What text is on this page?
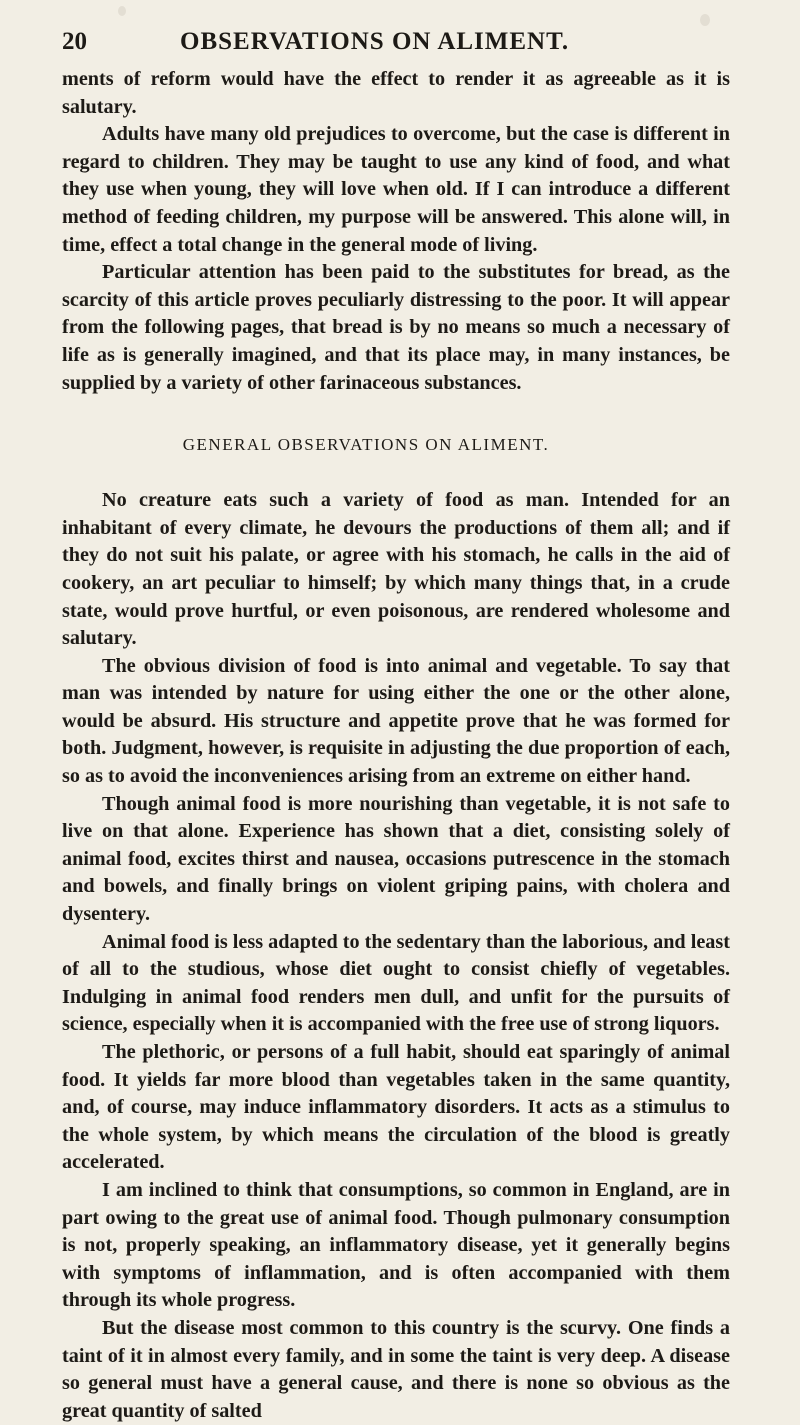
20	OBSERVATIONS ON ALIMENT.

ments of reform would have the effect to render it as agreeable as it is salutary.

Adults have many old prejudices to overcome, but the case is different in regard to children. They may be taught to use any kind of food, and what they use when young, they will love when old. If I can introduce a different method of feeding children, my purpose will be answered. This alone will, in time, effect a total change in the general mode of living.

Particular attention has been paid to the substitutes for bread, as the scarcity of this article proves peculiarly distressing to the poor. It will appear from the following pages, that bread is by no means so much a necessary of life as is generally imagined, and that its place may, in many instances, be supplied by a variety of other farinaceous substances.

GENERAL OBSERVATIONS ON ALIMENT.

No creature eats such a variety of food as man. Intended for an inhabitant of every climate, he devours the productions of them all; and if they do not suit his palate, or agree with his stomach, he calls in the aid of cookery, an art peculiar to himself; by which many things that, in a crude state, would prove hurtful, or even poisonous, are rendered wholesome and salutary.

The obvious division of food is into animal and vegetable. To say that man was intended by nature for using either the one or the other alone, would be absurd. His structure and appetite prove that he was formed for both. Judgment, however, is requisite in adjusting the due proportion of each, so as to avoid the inconveniences arising from an extreme on either hand.

Though animal food is more nourishing than vegetable, it is not safe to live on that alone. Experience has shown that a diet, consisting solely of animal food, excites thirst and nausea, occasions putrescence in the stomach and bowels, and finally brings on violent griping pains, with cholera and dysentery.

Animal food is less adapted to the sedentary than the laborious, and least of all to the studious, whose diet ought to consist chiefly of vegetables. Indulging in animal food renders men dull, and unfit for the pursuits of science, especially when it is accompanied with the free use of strong liquors.

The plethoric, or persons of a full habit, should eat sparingly of animal food. It yields far more blood than vegetables taken in the same quantity, and, of course, may induce inflammatory disorders. It acts as a stimulus to the whole system, by which means the circulation of the blood is greatly accelerated.

I am inclined to think that consumptions, so common in England, are in part owing to the great use of animal food. Though pulmonary consumption is not, properly speaking, an inflammatory disease, yet it generally begins with symptoms of inflammation, and is often accompanied with them through its whole progress.

But the disease most common to this country is the scurvy. One finds a taint of it in almost every family, and in some the taint is very deep. A disease so general must have a general cause, and there is none so obvious as the great quantity of salted
